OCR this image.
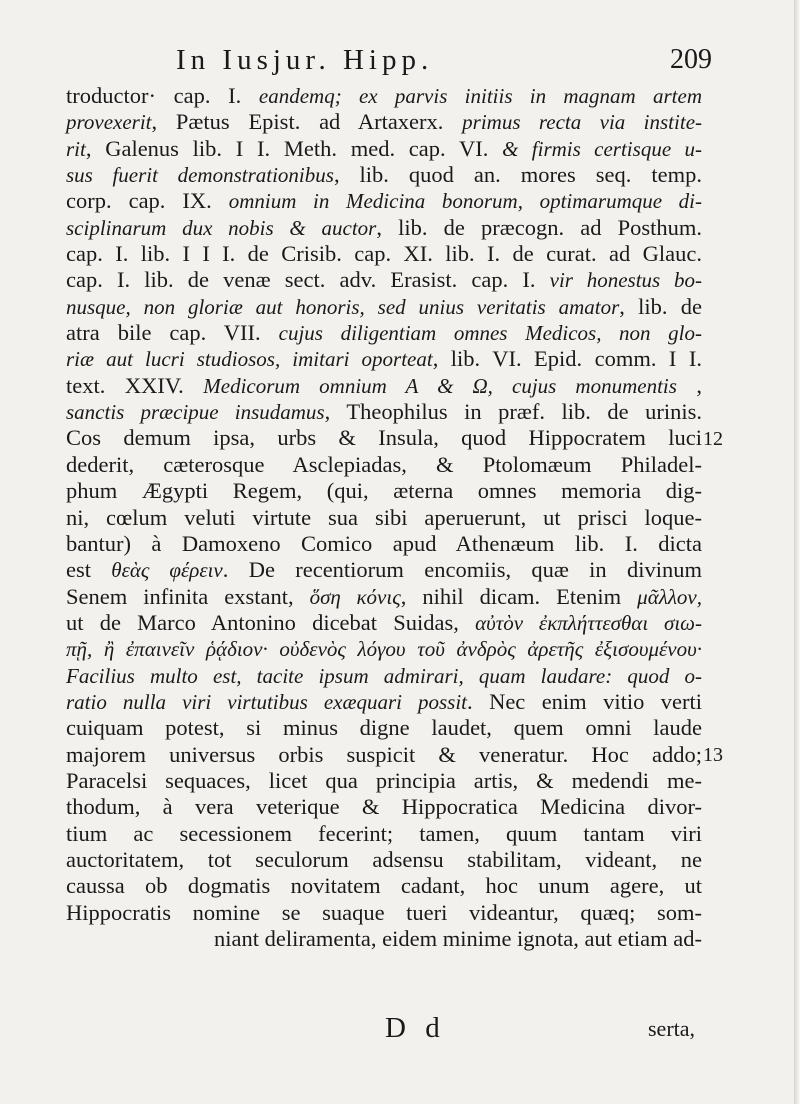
In Iusjur. Hipp.	209
troductor· cap. I. eandemq; ex parvis initiis in magnam artem
provexerit, Pætus Epist. ad Artaxerx. primus recta via instite-
rit, Galenus lib. I I. Meth. med. cap. VI. & firmis certisque u-
sus fuerit demonstrationibus, lib. quod an. mores seq. temp.
corp. cap. IX. omnium in Medicina bonorum, optimarumque di-
sciplinarum dux nobis & auctor, lib. de præcogn. ad Posthum.
cap. I. lib. I I I. de Crisib. cap. XI. lib. I. de curat. ad Glauc.
cap. I. lib. de venæ sect. adv. Erasist. cap. I. vir honestus bo-
nusque, non gloriæ aut honoris, sed unius veritatis amator, lib. de
atra bile cap. VII. cujus diligentiam omnes Medicos, non glo-
riæ aut lucri studiosos, imitari oporteat, lib. VI. Epid. comm. I I.
text. XXIV. Medicorum omnium A & Ω, cujus monumentis ,
sanctis præcipue insudamus, Theophilus in præf. lib. de urinis.
Cos demum ipsa, urbs & Insula, quod Hippocratem luci
dederit, cæterosque Asclepiadas, & Ptolomæum Philadel-
phum Ægypti Regem, (qui, æterna omnes memoria dig-
ni, cœlum veluti virtute sua sibi aperuerunt, ut prisci loque-
bantur) à Damoxeno Comico apud Athenæum lib. I. dicta
est θεὰς φέρειν. De recentiorum encomiis, quæ in divinum
Senem infinita exstant, ὅση κόνις, nihil dicam. Etenim μᾶλλον,
ut de Marco Antonino dicebat Suidas, αὐτὸν ἐκπλήττεσθαι σιω-
πῇ, ἢ ἐπαινεῖν ῥᾴδιον· οὐδενὸς λόγου τοῦ ἀνδρὸς ἀρετῆς ἐξισουμένου·
Facilius multo est, tacite ipsum admirari, quam laudare: quod o-
ratio nulla viri virtutibus exæquari possit. Nec enim vitio verti
cuiquam potest, si minus digne laudet, quem omni laude
majorem universus orbis suspicit & veneratur. Hoc addo;
Paracelsi sequaces, licet qua principia artis, & medendi me-
thodum, à vera veterique & Hippocratica Medicina divor-
tium ac secessionem fecerint; tamen, quum tantam viri
auctoritatem, tot seculorum adsensu stabilitam, videant, ne
caussa ob dogmatis novitatem cadant, hoc unum agere, ut
Hippocratis nomine se suaque tueri videantur, quæq; som-
niant deliramenta, eidem minime ignota, aut etiam ad-
12
13
D d	serta,
